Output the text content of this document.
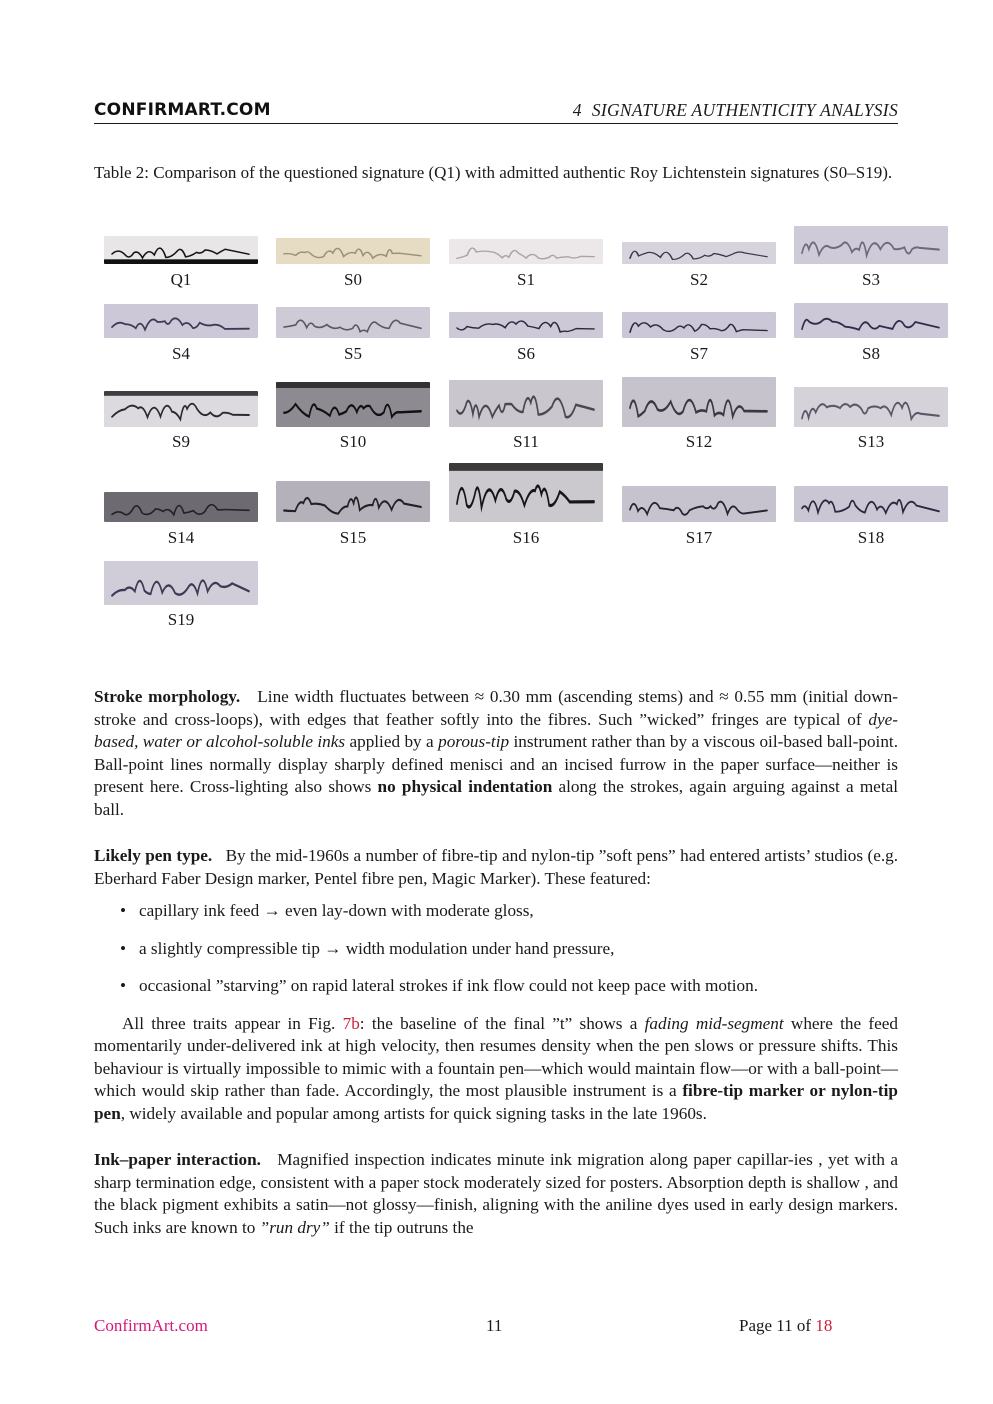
CONFIRMART.COM	4 SIGNATURE AUTHENTICITY ANALYSIS

Table 2: Comparison of the questioned signature (Q1) with admitted authentic Roy Lichtenstein signatures (S0–S19).

Q1	S0	S1	S2	S3
S4	S5	S6	S7	S8
S9	S10	S11	S12	S13
S14	S15	S16	S17	S18
S19

Stroke morphology. Line width fluctuates between ≈ 0.30 mm (ascending stems) and ≈ 0.55 mm (initial down-stroke and cross-loops), with edges that feather softly into the fibres. Such ”wicked” fringes are typical of dye-based, water or alcohol-soluble inks applied by a porous-tip instrument rather than by a viscous oil-based ball-point. Ball-point lines normally display sharply defined menisci and an incised furrow in the paper surface—neither is present here. Cross-lighting also shows no physical indentation along the strokes, again arguing against a metal ball.

Likely pen type. By the mid-1960s a number of fibre-tip and nylon-tip ”soft pens” had entered artists’ studios (e.g. Eberhard Faber Design marker, Pentel fibre pen, Magic Marker). These featured:

• capillary ink feed → even lay-down with moderate gloss,
• a slightly compressible tip → width modulation under hand pressure,
• occasional ”starving” on rapid lateral strokes if ink flow could not keep pace with motion.

All three traits appear in Fig. 7b: the baseline of the final ”t” shows a fading mid-segment where the feed momentarily under-delivered ink at high velocity, then resumes density when the pen slows or pressure shifts. This behaviour is virtually impossible to mimic with a fountain pen—which would maintain flow—or with a ball-point—which would skip rather than fade. Accordingly, the most plausible instrument is a fibre-tip marker or nylon-tip pen, widely available and popular among artists for quick signing tasks in the late 1960s.

Ink–paper interaction. Magnified inspection indicates minute ink migration along paper capillar-ies , yet with a sharp termination edge, consistent with a paper stock moderately sized for posters. Absorption depth is shallow , and the black pigment exhibits a satin—not glossy—finish, aligning with the aniline dyes used in early design markers. Such inks are known to ”run dry” if the tip outruns the

ConfirmArt.com	11	Page 11 of 18
